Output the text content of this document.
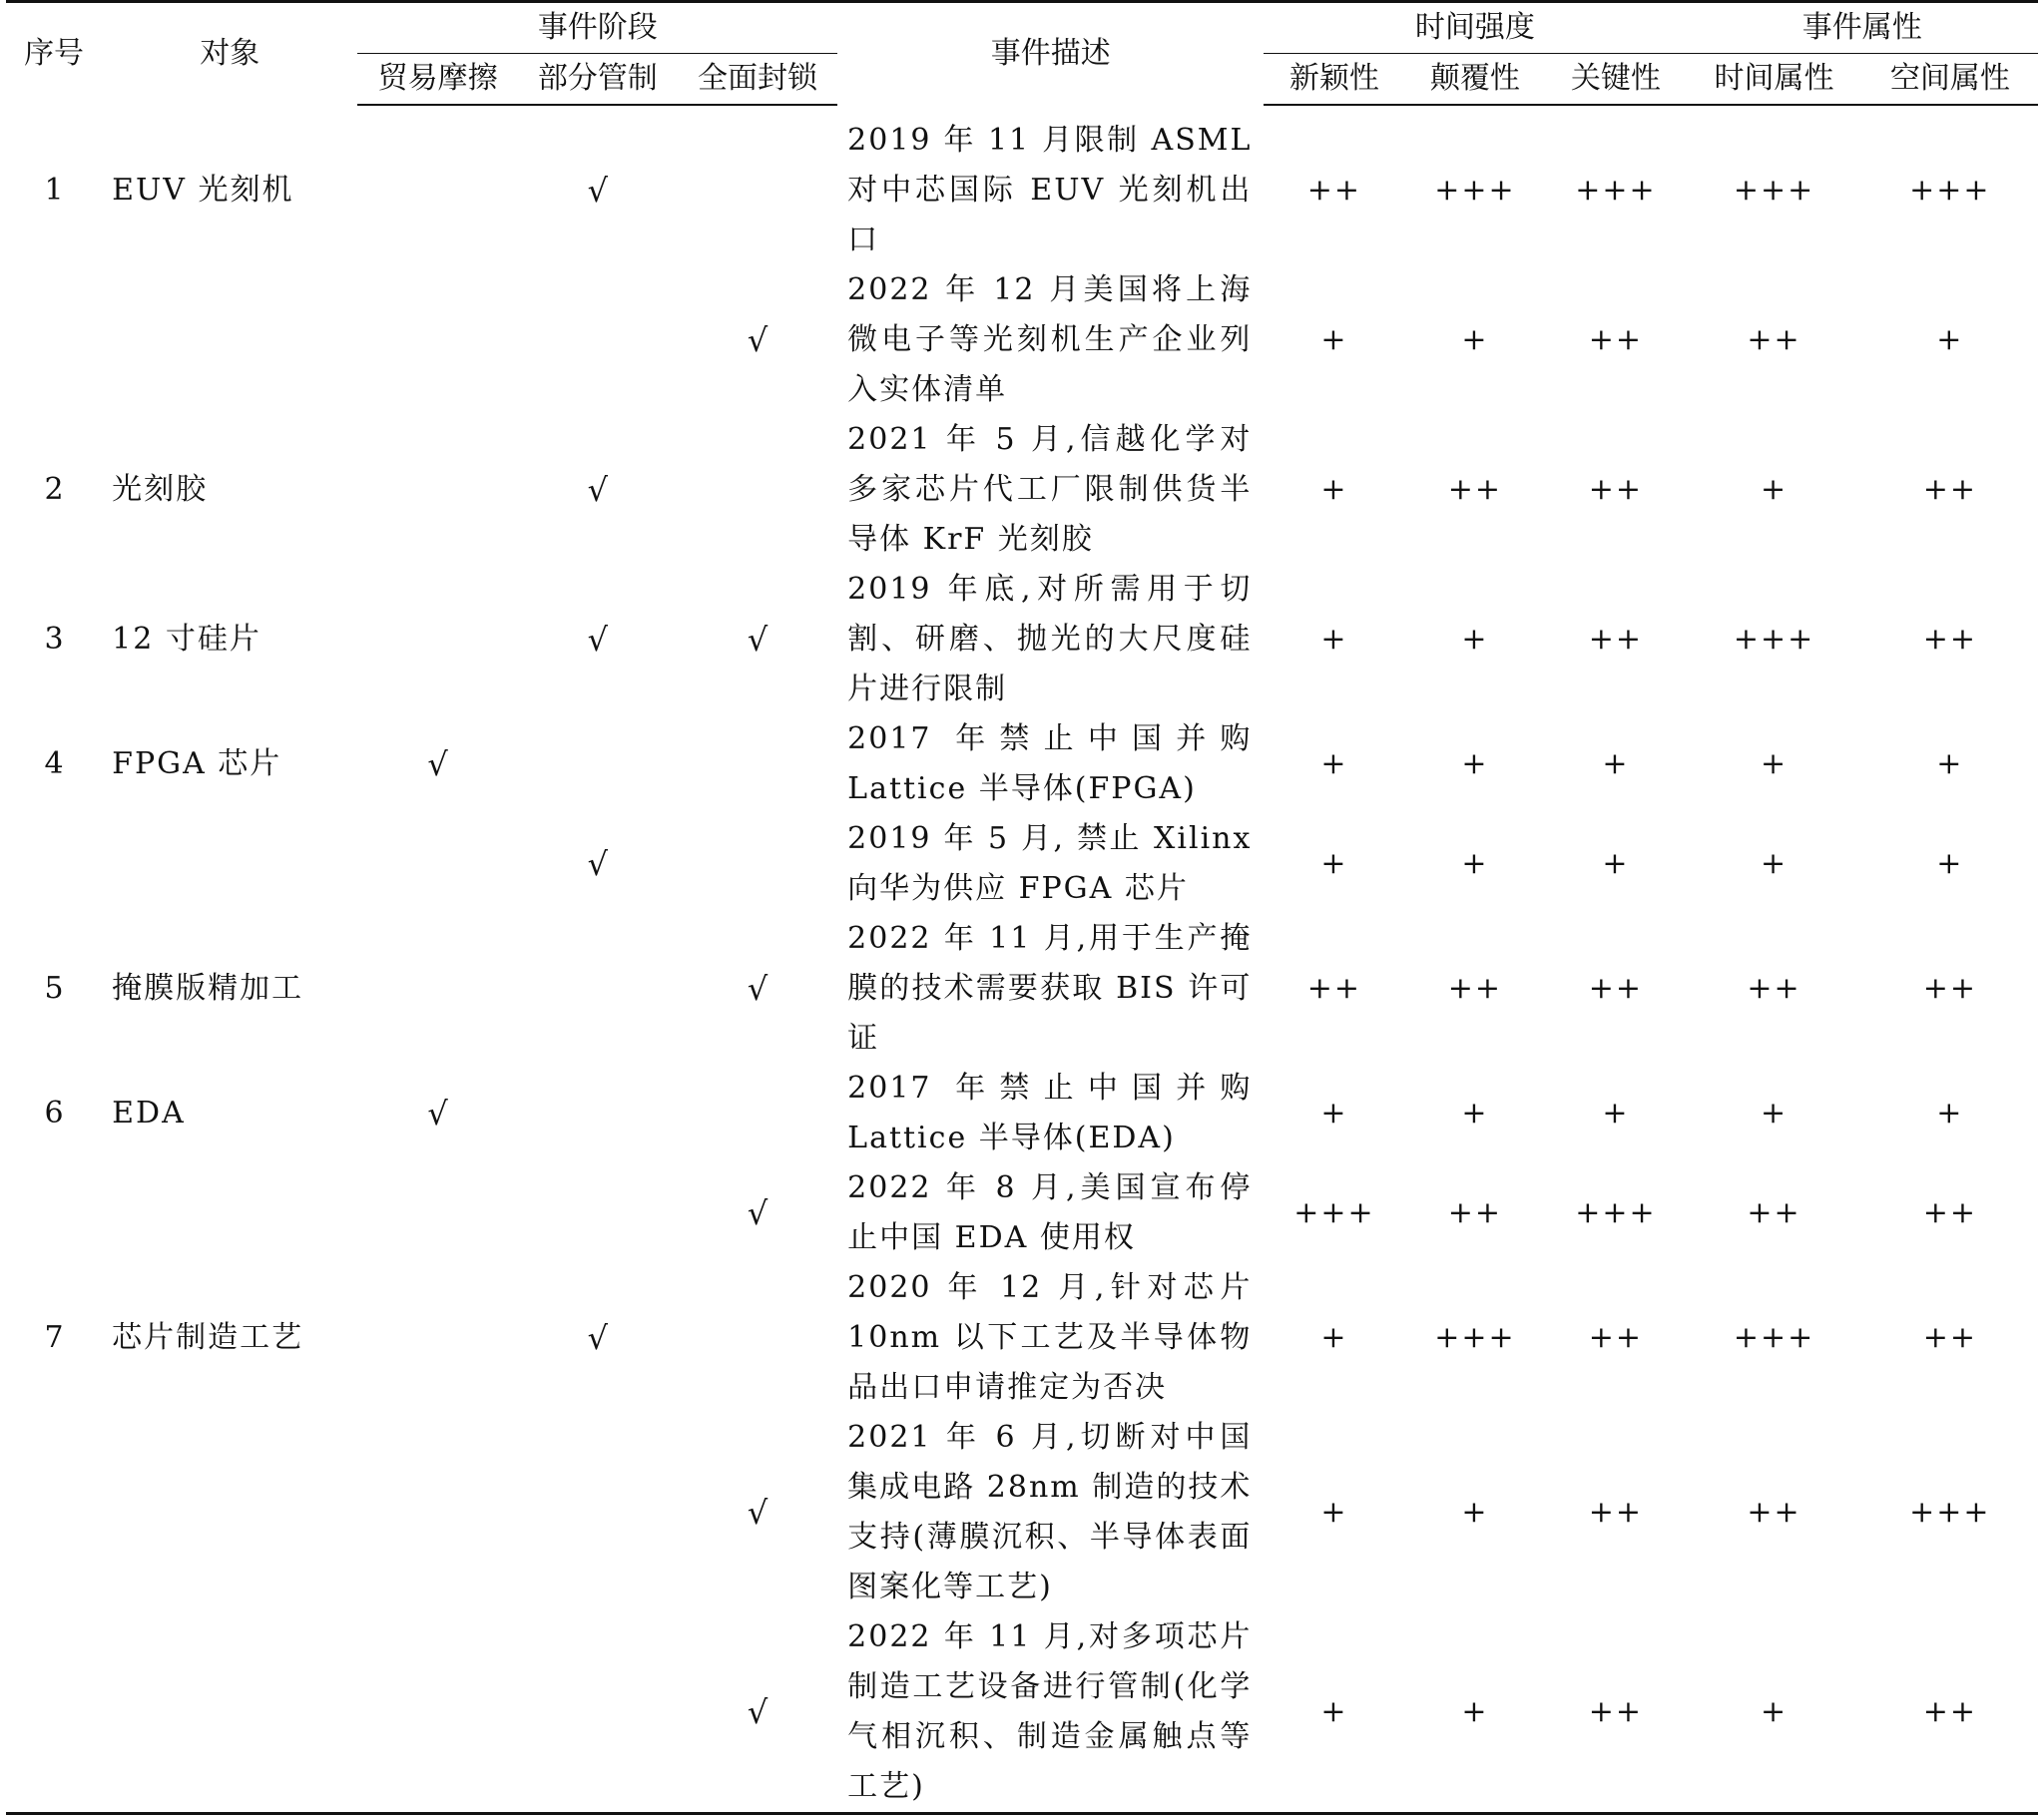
序号	对象	事件阶段			事件描述	时间强度			事件属性	
		贸易摩擦	部分管制	全面封锁		新颖性	颠覆性	关键性	时间属性	空间属性

1	EUV 光刻机		√		2019 年 11 月限制 ASML 对中芯国际 EUV 光刻机出口	++	+++	+++	+++	+++
				√	2022 年 12 月美国将上海微电子等光刻机生产企业列入实体清单	+	+	++	++	+
2	光刻胶		√		2021 年 5 月,信越化学对多家芯片代工厂限制供货半导体 KrF 光刻胶	+	++	++	+	++
3	12 寸硅片		√	√	2019 年底,对所需用于切割、研磨、抛光的大尺度硅片进行限制	+	+	++	+++	++
4	FPGA 芯片	√			2017 年禁止中国并购 Lattice 半导体(FPGA)	+	+	+	+	+
			√		2019 年 5 月, 禁止 Xilinx 向华为供应 FPGA 芯片	+	+	+	+	+
5	掩膜版精加工			√	2022 年 11 月,用于生产掩膜的技术需要获取 BIS 许可证	++	++	++	++	++
6	EDA	√			2017 年禁止中国并购 Lattice 半导体(EDA)	+	+	+	+	+
				√	2022 年 8 月,美国宣布停止中国 EDA 使用权	+++	++	+++	++	++
7	芯片制造工艺		√		2020 年 12 月,针对芯片 10nm 以下工艺及半导体物品出口申请推定为否决	+	+++	++	+++	++
				√	2021 年 6 月,切断对中国集成电路 28nm 制造的技术支持(薄膜沉积、半导体表面图案化等工艺)	+	+	++	++	+++
				√	2022 年 11 月,对多项芯片制造工艺设备进行管制(化学气相沉积、制造金属触点等工艺)	+	+	++	+	++
